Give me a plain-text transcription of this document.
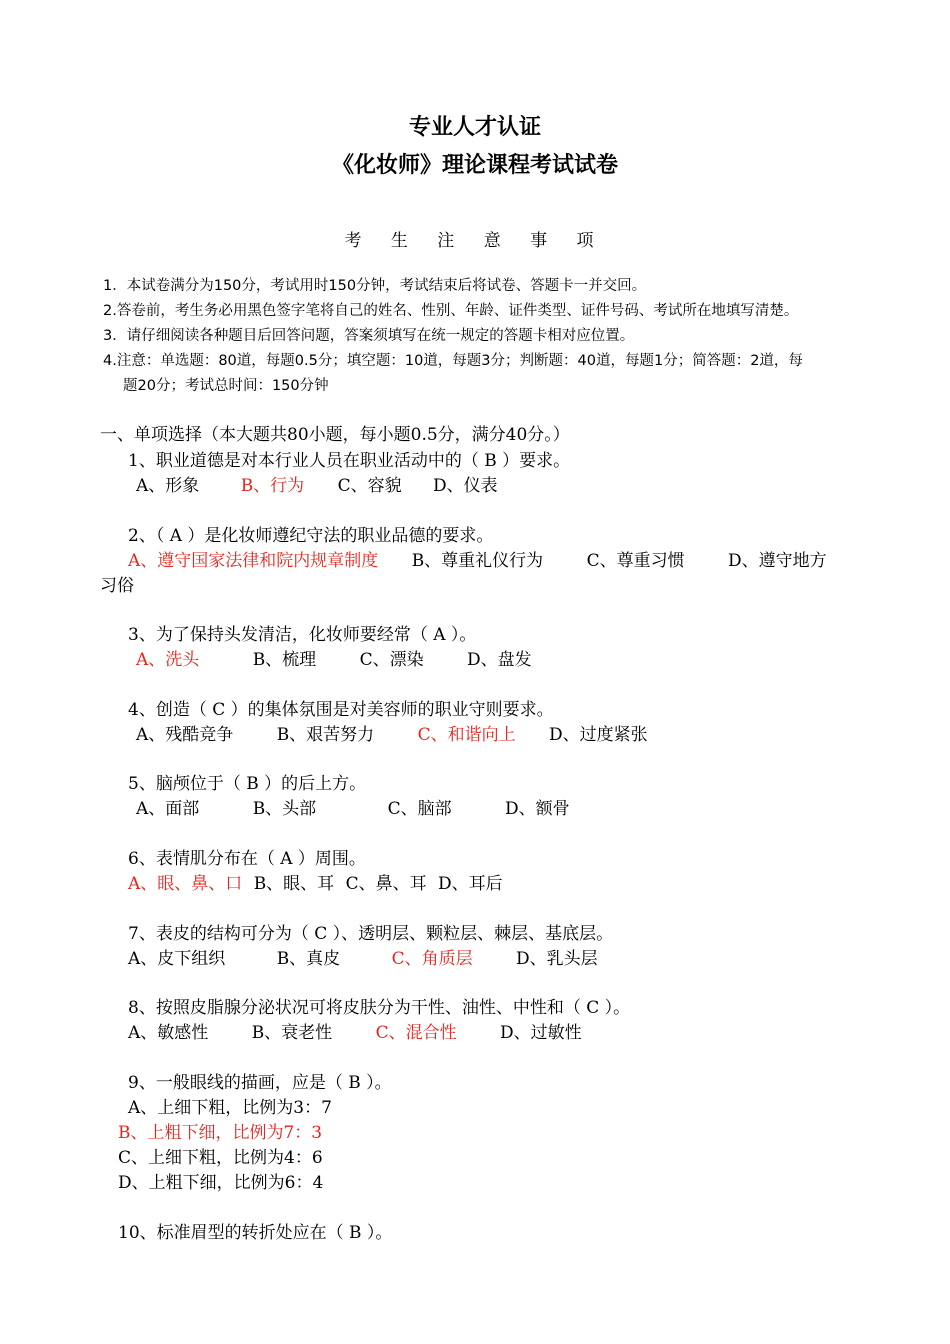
专业人才认证
《化妆师》理论课程考试试卷
考 生 注 意 事 项
1．本试卷满分为150分，考试用时150分钟，考试结束后将试卷、答题卡一并交回。
2.答卷前，考生务必用黑色签字笔将自己的姓名、性别、年龄、证件类型、证件号码、考试所在地填写清楚。
3．请仔细阅读各种题目后回答问题，答案须填写在统一规定的答题卡相对应位置。
4.注意：单选题：80道，每题0.5分；填空题：10道，每题3分；判断题：40道，每题1分；简答题：2道，每
题20分；考试总时间：150分钟
一、单项选择（本大题共80小题，每小题0.5分，满分40分。）
1、职业道德是对本行业人员在职业活动中的（ B ）要求。
A、形象 B、行为 C、容貌 D、仪表
2、（ A ）是化妆师遵纪守法的职业品德的要求。
A、遵守国家法律和院内规章制度 B、尊重礼仪行为	C、尊重习惯	D、遵守地方
习俗
3、为了保持头发清洁，化妆师要经常（ A ）。
A、洗头	B、梳理	C、漂染	D、盘发
4、创造（ C ）的集体氛围是对美容师的职业守则要求。
A、残酷竞争	B、艰苦努力	C、和谐向上 D、过度紧张
5、脑颅位于（ B ）的后上方。
A、面部	B、头部	C、脑部	D、额骨
6、表情肌分布在（ A ）周围。
A、眼、鼻、口 B、眼、耳 C、鼻、耳 D、耳后
7、表皮的结构可分为（ C ）、透明层、颗粒层、棘层、基底层。
A、皮下组织	B、真皮	C、角质层	D、乳头层
8、按照皮脂腺分泌状况可将皮肤分为干性、油性、中性和（ C ）。
A、敏感性	B、衰老性	C、混合性	D、过敏性
9、一般眼线的描画，应是（ B ）。
A、上细下粗，比例为3：7
B、上粗下细，比例为7：3
C、上细下粗，比例为4：6
D、上粗下细，比例为6：4
10、标准眉型的转折处应在（ B ）。
